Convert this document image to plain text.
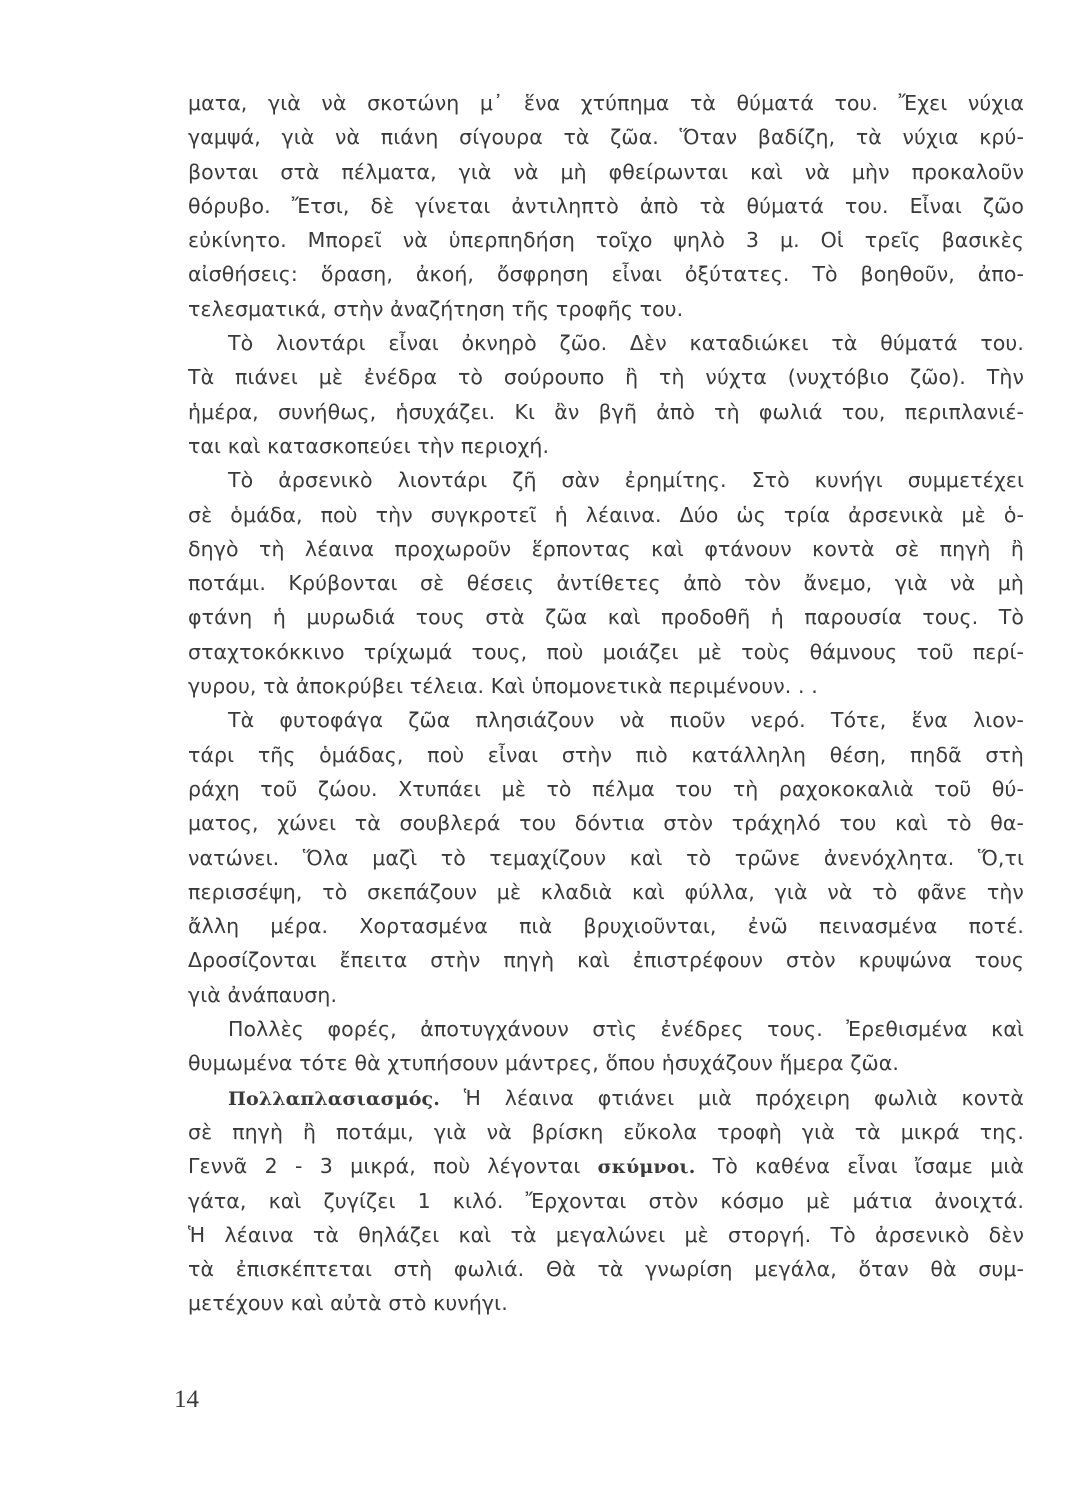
ματα, γιὰ νὰ σκοτώνη μ᾽ ἕνα χτύπημα τὰ θύματά του. Ἔχει νύχια
γαμψά, γιὰ νὰ πιάνη σίγουρα τὰ ζῶα. Ὅταν βαδίζη, τὰ νύχια κρύ-
βονται στὰ πέλματα, γιὰ νὰ μὴ φθείρωνται καὶ νὰ μὴν προκαλοῦν
θόρυβο. Ἔτσι, δὲ γίνεται ἀντιληπτὸ ἀπὸ τὰ θύματά του. Εἶναι ζῶο
εὐκίνητο. Μπορεῖ νὰ ὑπερπηδήση τοῖχο ψηλὸ 3 μ. Οἱ τρεῖς βασικὲς
αἰσθήσεις: ὅραση, ἀκοή, ὄσφρηση εἶναι ὀξύτατες. Τὸ βοηθοῦν, ἀπο-
τελεσματικά, στὴν ἀναζήτηση τῆς τροφῆς του.
Τὸ λιοντάρι εἶναι ὀκνηρὸ ζῶο. Δὲν καταδιώκει τὰ θύματά του.
Τὰ πιάνει μὲ ἐνέδρα τὸ σούρουπο ἢ τὴ νύχτα (νυχτόβιο ζῶο). Τὴν
ἡμέρα, συνήθως, ἡσυχάζει. Κι ἂν βγῆ ἀπὸ τὴ φωλιά του, περιπλανιέ-
ται καὶ κατασκοπεύει τὴν περιοχή.
Τὸ ἀρσενικὸ λιοντάρι ζῆ σὰν ἐρημίτης. Στὸ κυνήγι συμμετέχει
σὲ ὁμάδα, ποὺ τὴν συγκροτεῖ ἡ λέαινα. Δύο ὡς τρία ἀρσενικὰ μὲ ὁ-
δηγὸ τὴ λέαινα προχωροῦν ἕρποντας καὶ φτάνουν κοντὰ σὲ πηγὴ ἢ
ποτάμι. Κρύβονται σὲ θέσεις ἀντίθετες ἀπὸ τὸν ἄνεμο, γιὰ νὰ μὴ
φτάνη ἡ μυρωδιά τους στὰ ζῶα καὶ προδοθῆ ἡ παρουσία τους. Τὸ
σταχτοκόκκινο τρίχωμά τους, ποὺ μοιάζει μὲ τοὺς θάμνους τοῦ περί-
γυρου, τὰ ἀποκρύβει τέλεια. Καὶ ὑπομονετικὰ περιμένουν. . .
Τὰ φυτοφάγα ζῶα πλησιάζουν νὰ πιοῦν νερό. Τότε, ἕνα λιον-
τάρι τῆς ὁμάδας, ποὺ εἶναι στὴν πιὸ κατάλληλη θέση, πηδᾶ στὴ
ράχη τοῦ ζώου. Χτυπάει μὲ τὸ πέλμα του τὴ ραχοκοκαλιὰ τοῦ θύ-
ματος, χώνει τὰ σουβλερά του δόντια στὸν τράχηλό του καὶ τὸ θα-
νατώνει. Ὅλα μαζὶ τὸ τεμαχίζουν καὶ τὸ τρῶνε ἀνενόχλητα. Ὅ,τι
περισσέψη, τὸ σκεπάζουν μὲ κλαδιὰ καὶ φύλλα, γιὰ νὰ τὸ φᾶνε τὴν
ἄλλη μέρα. Χορτασμένα πιὰ βρυχιοῦνται, ἐνῶ πεινασμένα ποτέ.
Δροσίζονται ἔπειτα στὴν πηγὴ καὶ ἐπιστρέφουν στὸν κρυψώνα τους
γιὰ ἀνάπαυση.
Πολλὲς φορές, ἀποτυγχάνουν στὶς ἐνέδρες τους. Ἐρεθισμένα καὶ
θυμωμένα τότε θὰ χτυπήσουν μάντρες, ὅπου ἡσυχάζουν ἥμερα ζῶα.
Πολλαπλασιασμός. Ἡ λέαινα φτιάνει μιὰ πρόχειρη φωλιὰ κοντὰ
σὲ πηγὴ ἢ ποτάμι, γιὰ νὰ βρίσκη εὔκολα τροφὴ γιὰ τὰ μικρά της.
Γεννᾶ 2 - 3 μικρά, ποὺ λέγονται σκύμνοι. Τὸ καθένα εἶναι ἴσαμε μιὰ
γάτα, καὶ ζυγίζει 1 κιλό. Ἔρχονται στὸν κόσμο μὲ μάτια ἀνοιχτά.
Ἡ λέαινα τὰ θηλάζει καὶ τὰ μεγαλώνει μὲ στοργή. Τὸ ἀρσενικὸ δὲν
τὰ ἐπισκέπτεται στὴ φωλιά. Θὰ τὰ γνωρίση μεγάλα, ὅταν θὰ συμ-
μετέχουν καὶ αὐτὰ στὸ κυνήγι.
14
